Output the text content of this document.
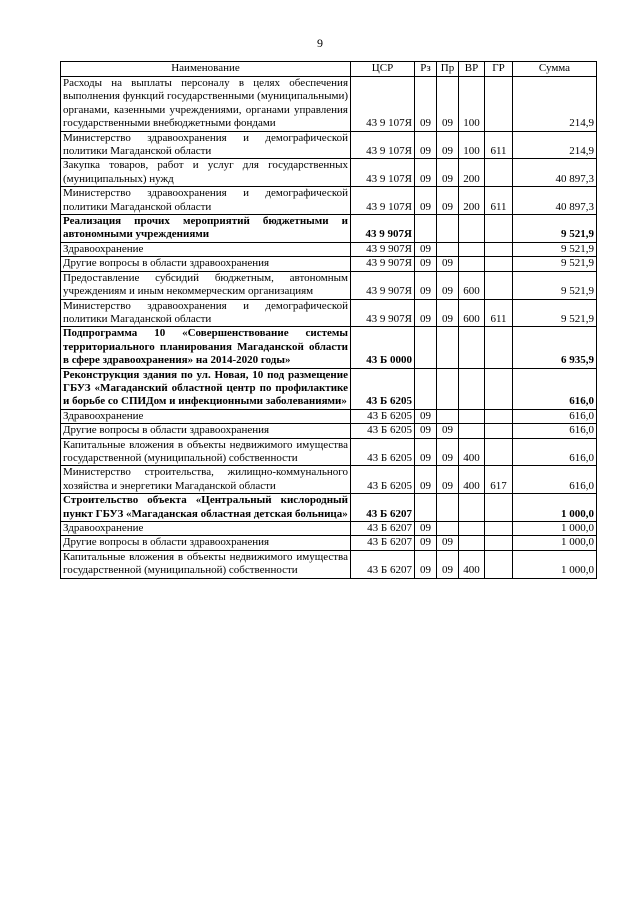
9
Наименование	ЦСР	Рз	Пр	ВР	ГР	Сумма
Расходы на выплаты персоналу в целях обеспечения выполнения функций государственными (муниципальными) органами, казенными учреждениями, органами управления государственными внебюджетными фондами	43 9 107Я	09	09	100		214,9
Министерство здравоохранения и демографической политики Магаданской области	43 9 107Я	09	09	100	611	214,9
Закупка товаров, работ и услуг для государственных (муниципальных) нужд	43 9 107Я	09	09	200		40 897,3
Министерство здравоохранения и демографической политики Магаданской области	43 9 107Я	09	09	200	611	40 897,3
Реализация прочих мероприятий бюджетными и автономными учреждениями	43 9 907Я					9 521,9
Здравоохранение	43 9 907Я	09				9 521,9
Другие вопросы в области здравоохранения	43 9 907Я	09	09			9 521,9
Предоставление субсидий бюджетным, автономным учреждениям и иным некоммерческим организациям	43 9 907Я	09	09	600		9 521,9
Министерство здравоохранения и демографической политики Магаданской области	43 9 907Я	09	09	600	611	9 521,9
Подпрограмма 10 «Совершенствование системы территориального планирования Магаданской области в сфере здравоохранения» на 2014-2020 годы»	43 Б 0000					6 935,9
Реконструкция здания по ул. Новая, 10 под размещение ГБУЗ «Магаданский областной центр по профилактике и борьбе со СПИДом и инфекционными заболеваниями»	43 Б 6205					616,0
Здравоохранение	43 Б 6205	09				616,0
Другие вопросы в области здравоохранения	43 Б 6205	09	09			616,0
Капитальные вложения в объекты недвижимого имущества государственной (муниципальной) собственности	43 Б 6205	09	09	400		616,0
Министерство строительства, жилищно-коммунального хозяйства и энергетики Магаданской области	43 Б 6205	09	09	400	617	616,0
Строительство объекта «Центральный кислородный пункт ГБУЗ «Магаданская областная детская больница»	43 Б 6207					1 000,0
Здравоохранение	43 Б 6207	09				1 000,0
Другие вопросы в области здравоохранения	43 Б 6207	09	09			1 000,0
Капитальные вложения в объекты недвижимого имущества государственной (муниципальной) собственности	43 Б 6207	09	09	400		1 000,0
